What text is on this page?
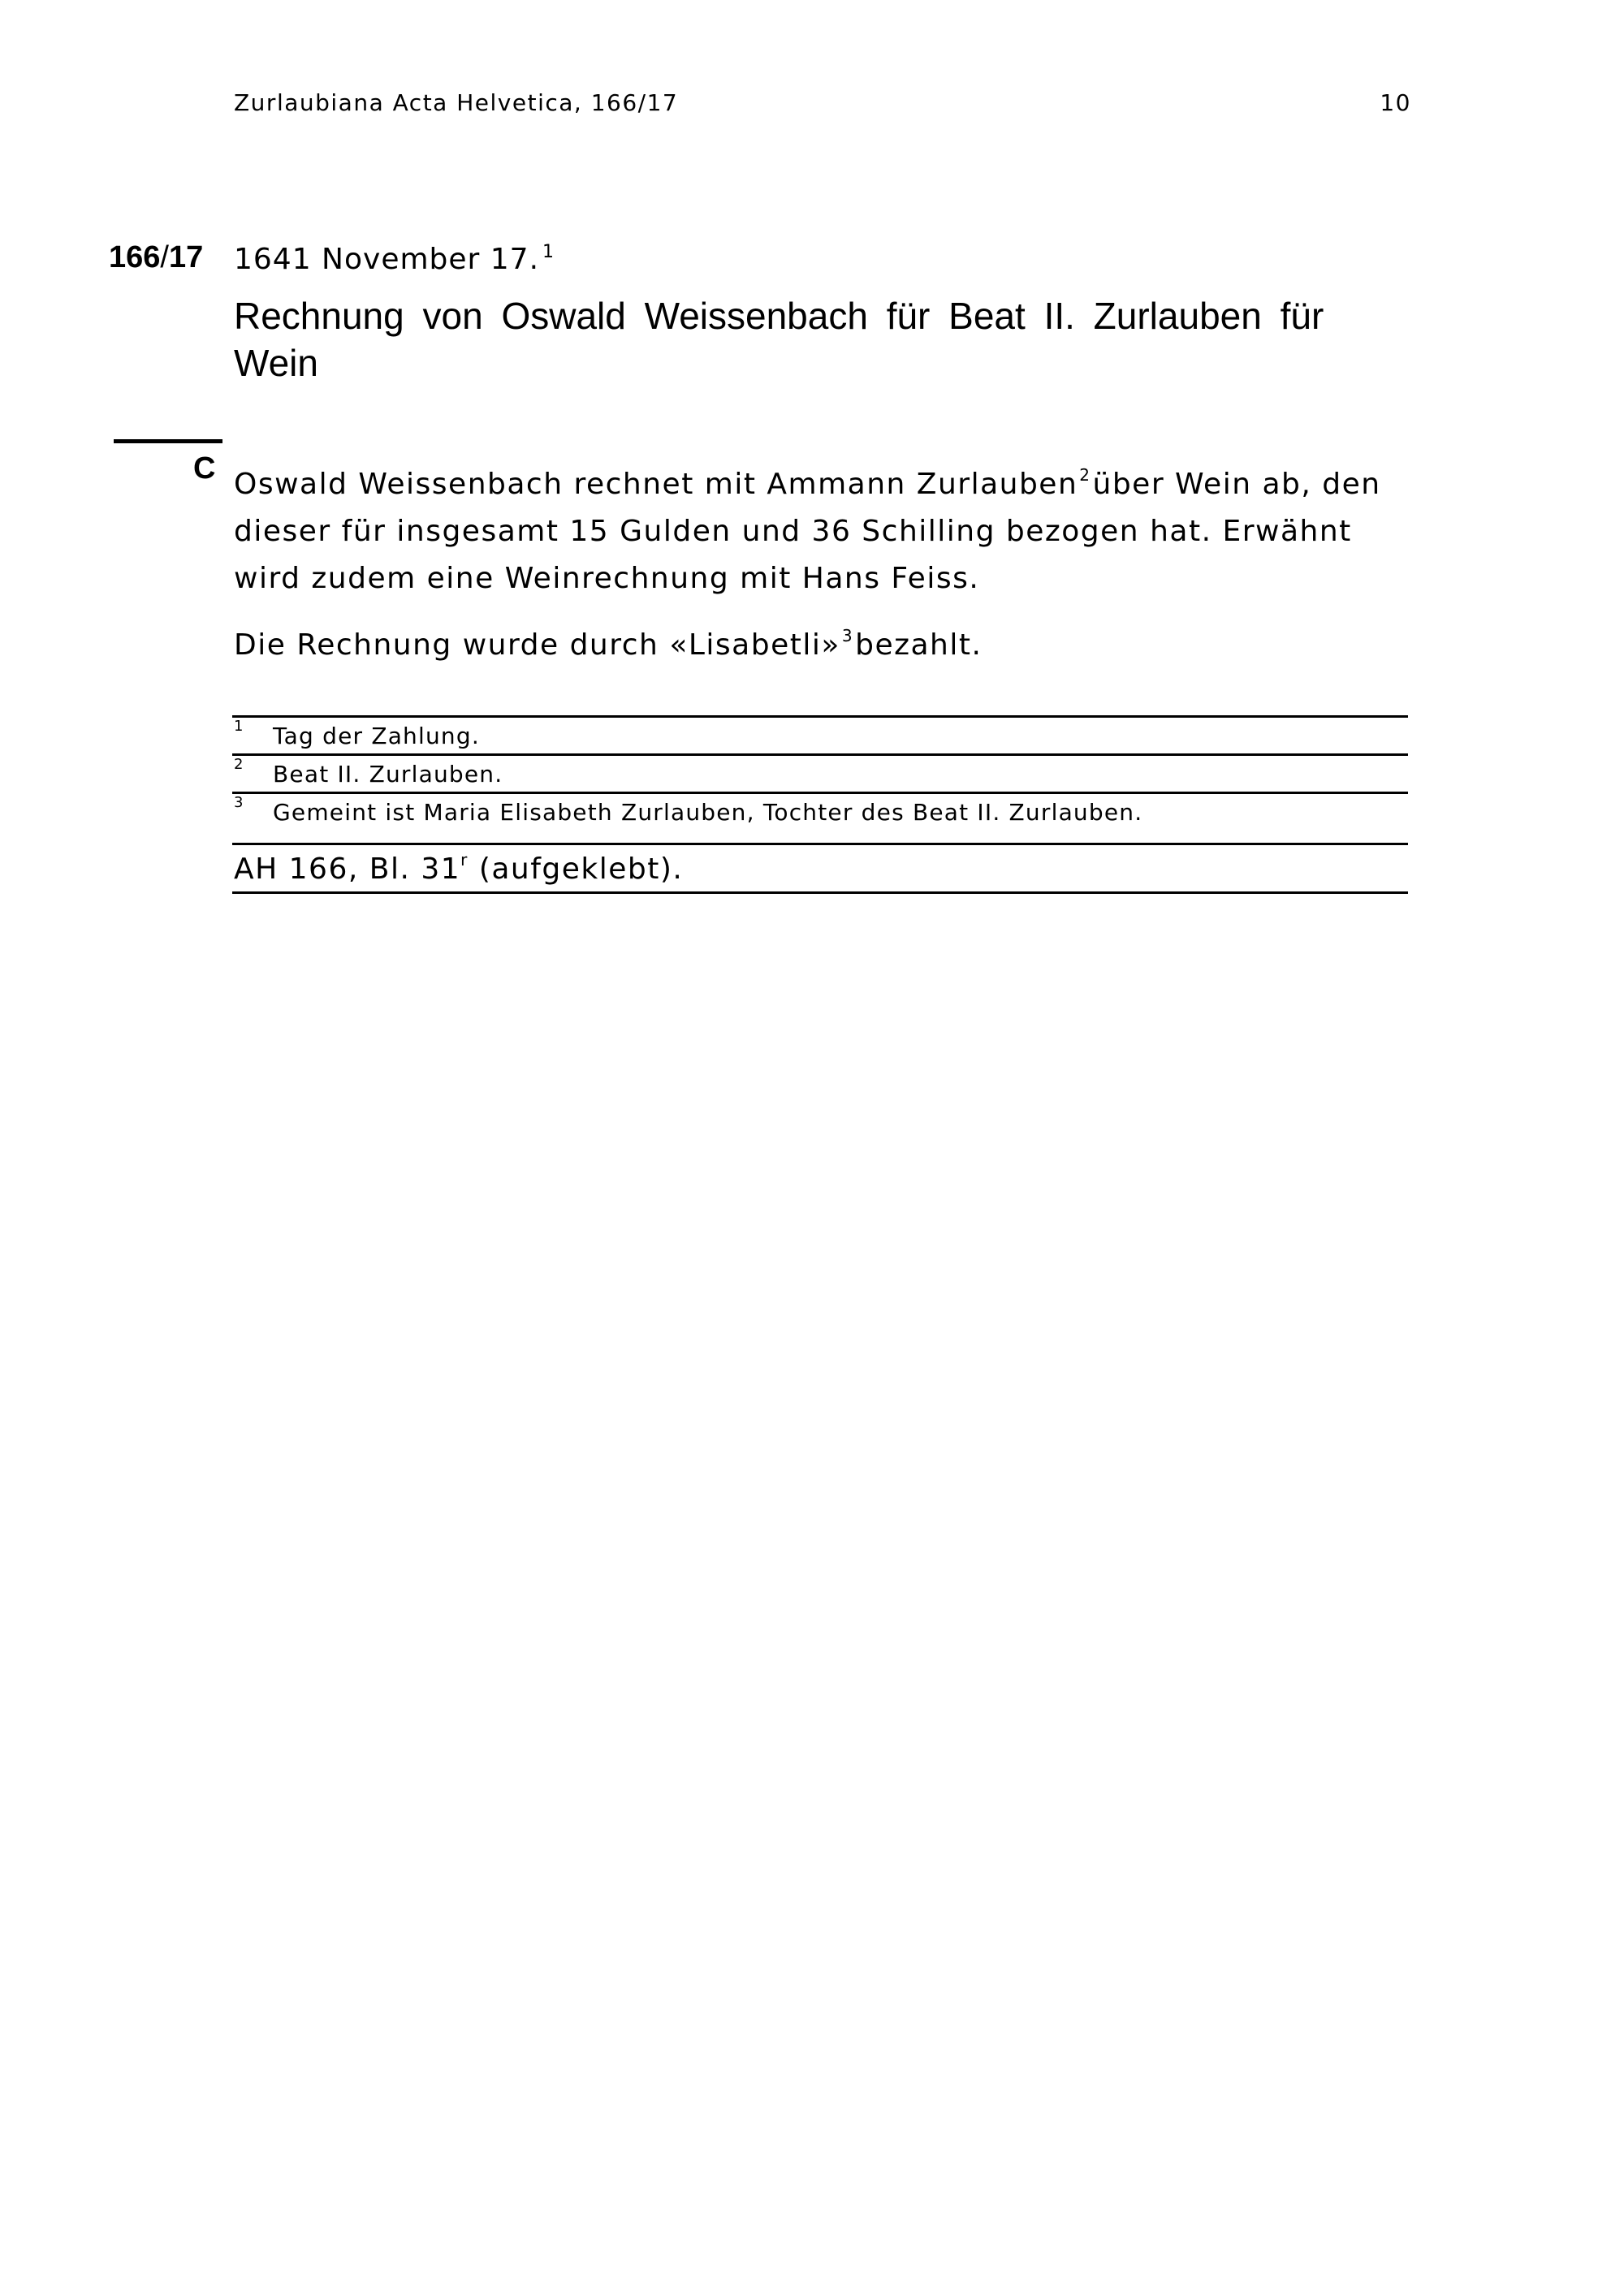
Zurlaubiana Acta Helvetica, 166/17	10
166/17 1641 November 17. $^1$
Rechnung von Oswald Weissenbach für Beat II. Zurlauben für Wein
C Oswald Weissenbach rechnet mit Ammann Zurlauben $^2$über Wein ab, den dieser für insgesamt 15 Gulden und 36 Schilling bezogen hat. Erwähnt wird zudem eine Weinrechnung mit Hans Feiss.

Die Rechnung wurde durch «Lisabetli» $^3$bezahlt.

1 Tag der Zahlung.
2 Beat II. Zurlauben.
3 Gemeint ist Maria Elisabeth Zurlauben, Tochter des Beat II. Zurlauben.
AH 166, Bl. 31$^r$ (aufgeklebt).
